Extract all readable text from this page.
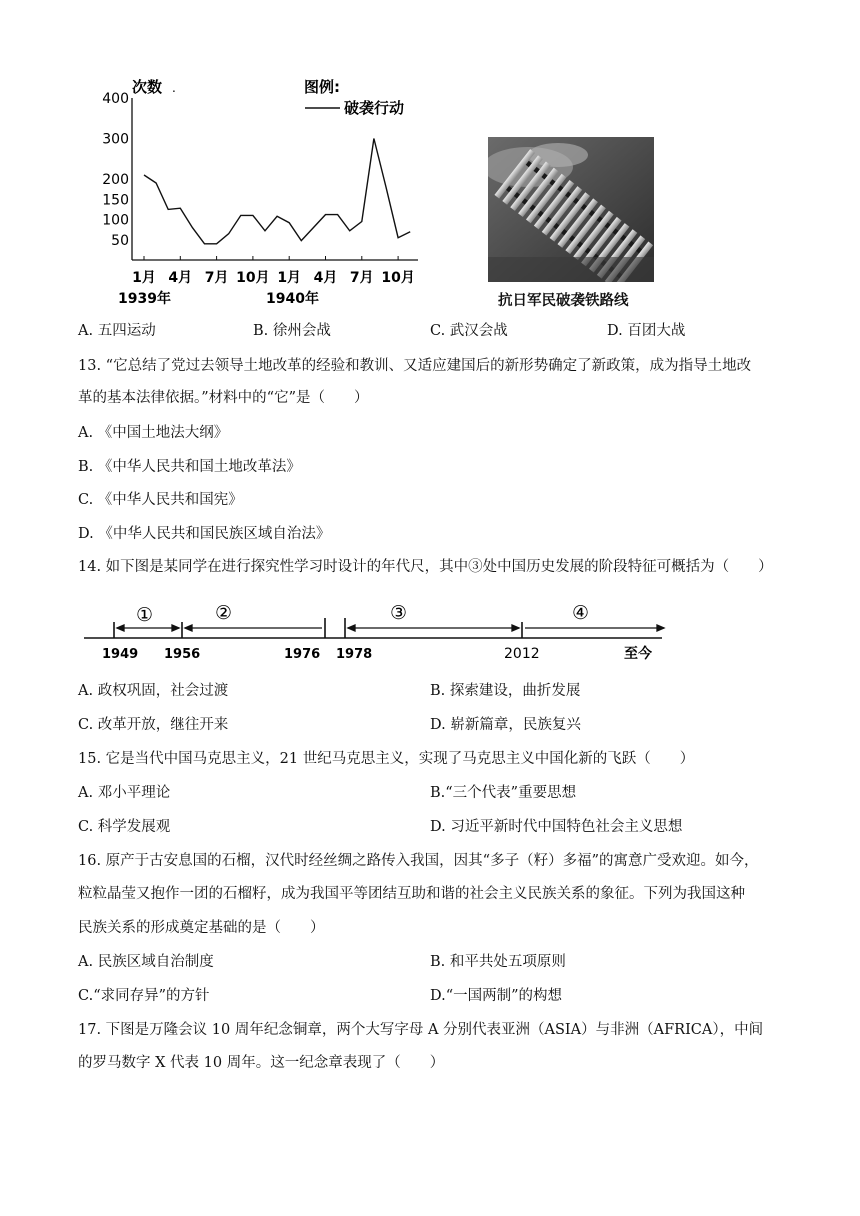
次数 .	图例:
破袭行动
400
300
200
150
100
50
1月 4月 7月 10月 1月 4月 7月 10月
1939年	1940年	抗日军民破袭铁路线
A. 五四运动	B. 徐州会战	C. 武汉会战	D. 百团大战
13. “它总结了党过去领导土地改革的经验和教训、又适应建国后的新形势确定了新政策，成为指导土地改
革的基本法律依据。”材料中的“它”是（　　）
A. 《中国土地法大纲》
B. 《中华人民共和国土地改革法》
C. 《中华人民共和国宪》
D. 《中华人民共和国民族区域自治法》
14. 如下图是某同学在进行探究性学习时设计的年代尺，其中③处中国历史发展的阶段特征可概括为（　　）
①	②	③	④
1949 1956	1976 1978	2012	至今
A. 政权巩固，社会过渡	B. 探索建设，曲折发展
C. 改革开放，继往开来	D. 崭新篇章，民族复兴
15. 它是当代中国马克思主义，21 世纪马克思主义，实现了马克思主义中国化新的飞跃（　　）
A. 邓小平理论	B.“三个代表”重要思想
C. 科学发展观	D. 习近平新时代中国特色社会主义思想
16. 原产于古安息国的石榴，汉代时经丝绸之路传入我国，因其“多子（籽）多福”的寓意广受欢迎。如今，
粒粒晶莹又抱作一团的石榴籽，成为我国平等团结互助和谐的社会主义民族关系的象征。下列为我国这种
民族关系的形成奠定基础的是（　　）
A. 民族区域自治制度	B. 和平共处五项原则
C.“求同存异”的方针	D.“一国两制”的构想
17. 下图是万隆会议 10 周年纪念铜章，两个大写字母 A 分别代表亚洲（ASIA）与非洲（AFRICA），中间
的罗马数字 X 代表 10 周年。这一纪念章表现了（　　）
